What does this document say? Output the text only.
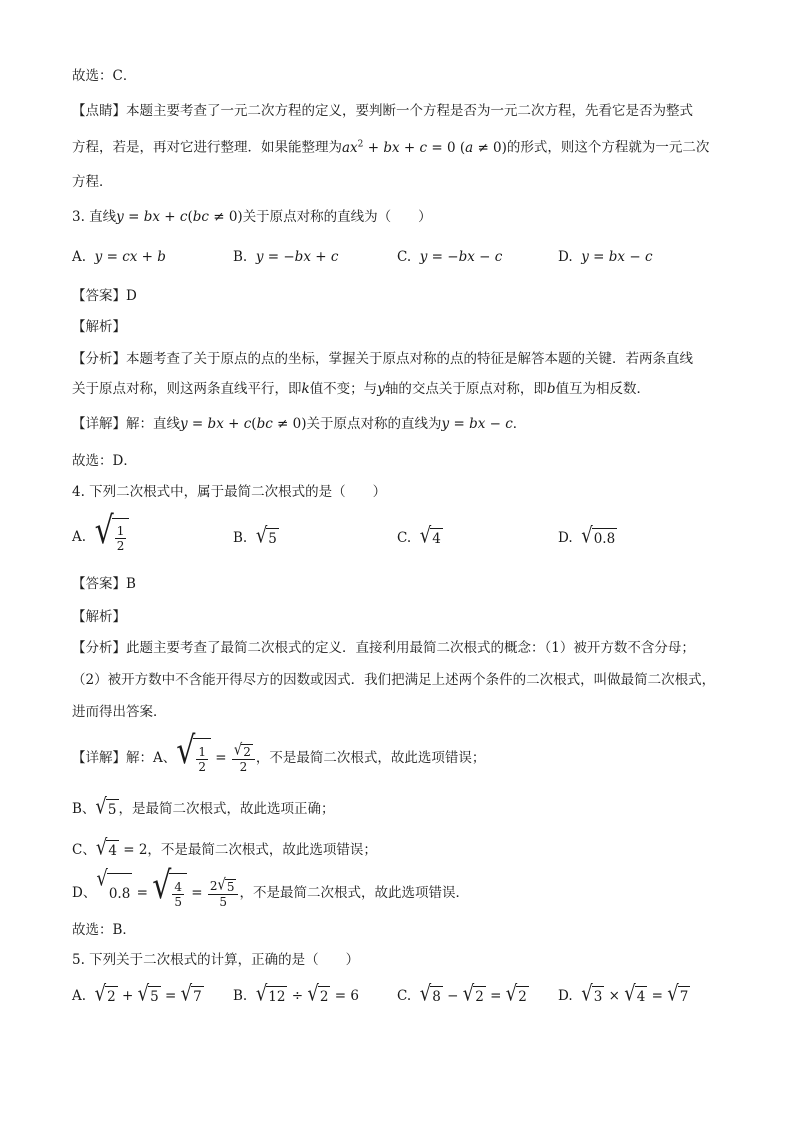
故选：C．
【点睛】本题主要考查了一元二次方程的定义，要判断一个方程是否为一元二次方程，先看它是否为整式
方程，若是，再对它进行整理．如果能整理为$ax^2$ + bx + c = 0 (a ≠ 0)的形式，则这个方程就为一元二次
方程．
3. 直线y = bx + c(bc ≠ 0)关于原点对称的直线为（　　）
A. y = cx + b	B. y = −bx + c	C. y = −bx − c	D. y = bx − c
【答案】D
【解析】
【分析】本题考查了关于原点的点的坐标，掌握关于原点对称的点的特征是解答本题的关键．若两条直线
关于原点对称，则这两条直线平行，即k值不变；与y轴的交点关于原点对称，即b值互为相反数．
【详解】解：直线y = bx + c(bc ≠ 0)关于原点对称的直线为y = bx − c．
故选：D．
4. 下列二次根式中，属于最简二次根式的是（　　）
A. √ $\frac{1}{2}$	B. √ 5	C. √ 4	D. √ 0.8
【答案】B
【解析】
【分析】此题主要考查了最简二次根式的定义．直接利用最简二次根式的概念：（1）被开方数不含分母；
（2）被开方数中不含能开得尽方的因数或因式．我们把满足上述两个条件的二次根式，叫做最简二次根式，
进而得出答案．
【详解】解：A、 √ $\frac{1}{2} = \frac{√ 2}{2}$ ，不是最简二次根式，故此选项错误；
B、 √ 5 ，是最简二次根式，故此选项正确；
C、 √ 4 = 2，不是最简二次根式，故此选项错误；
D、
√
0.8 = √ $\frac{4}{5} = \frac{2 √ 5}{5}$ ，不是最简二次根式，故此选项错误．
故选：B．
5. 下列关于二次根式的计算，正确的是（　　）
A. √ 2 + √ 5 = √ 7 B. √ 12 ÷ √ 2 = 6	C. √ 8 − √ 2 = √ 2 D. √ 3 × √ 4 = √ 7
